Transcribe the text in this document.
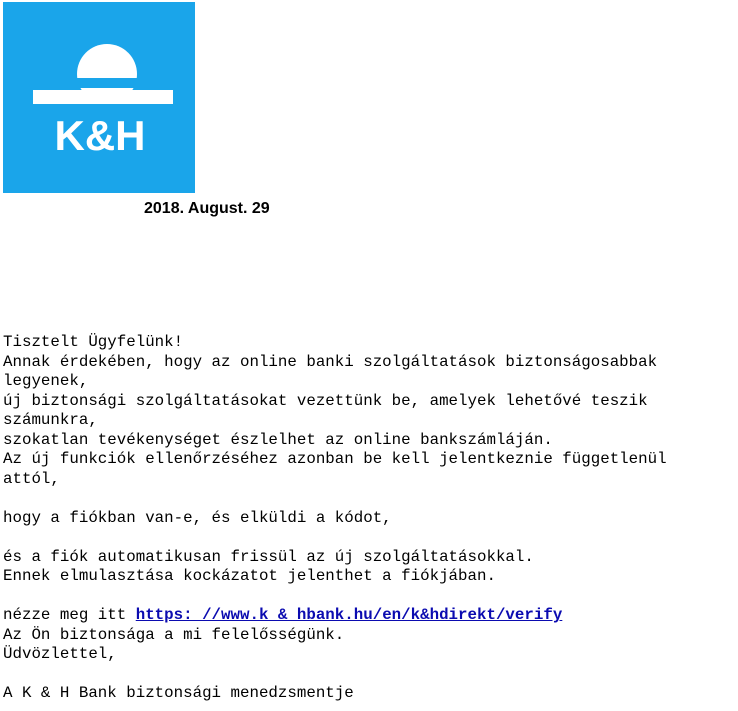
K&H
2018. August. 29
Tisztelt Ügyfelünk!
Annak érdekében, hogy az online banki szolgáltatások biztonságosabbak
legyenek,
új biztonsági szolgáltatásokat vezettünk be, amelyek lehetővé teszik
számunkra,
szokatlan tevékenységet észlelhet az online bankszámláján.
Az új funkciók ellenőrzéséhez azonban be kell jelentkeznie függetlenül
attól,
hogy a fiókban van-e, és elküldi a kódot,
és a fiók automatikusan frissül az új szolgáltatásokkal.
Ennek elmulasztása kockázatot jelenthet a fiókjában.
nézze meg itt https: //www.k & hbank.hu/en/k&hdirekt/verify
Az Ön biztonsága a mi felelősségünk.
Üdvözlettel,
A K & H Bank biztonsági menedzsmentje
